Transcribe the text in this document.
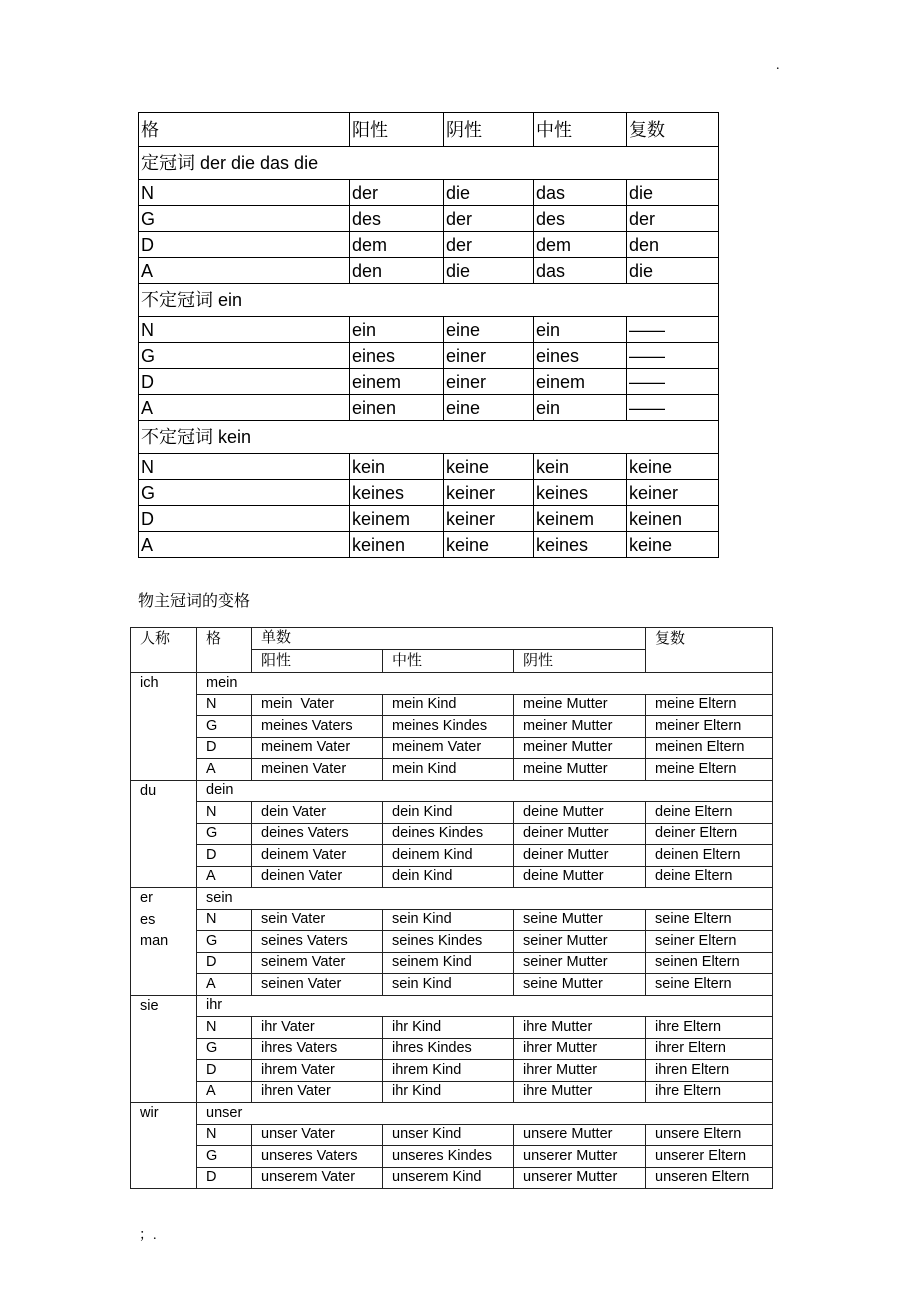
.
格	阳性	阴性	中性	复数
定冠词 der die das die				
N	der	die	das	die
G	des	der	des	der
D	dem	der	dem	den
A	den	die	das	die
不定冠词 ein				
N	ein	eine	ein	——
G	eines	einer	eines	——
D	einem	einer	einem	——
A	einen	eine	ein	——
不定冠词 kein				
N	kein	keine	kein	keine
G	keines	keiner	keines	keiner
D	keinem	keiner	keinem	keinen
A	keinen	keine	keines	keine
物主冠词的变格
人称	格	单数			复数
		阳性	中性	阴性	

ich	mein				
	N	mein  Vater	mein Kind	meine Mutter	meine Eltern
	G	meines Vaters	meines Kindes	meiner Mutter	meiner Eltern
	D	meinem Vater	meinem Vater	meiner Mutter	meinen Eltern
	A	meinen Vater	mein Kind	meine Mutter	meine Eltern

du	dein				
	N	dein Vater	dein Kind	deine Mutter	deine Eltern
	G	deines Vaters	deines Kindes	deiner Mutter	deiner Eltern
	D	deinem Vater	deinem Kind	deiner Mutter	deinen Eltern
	A	deinen Vater	dein Kind	deine Mutter	deine Eltern

er
es
man	sein				
	N	sein Vater	sein Kind	seine Mutter	seine Eltern
	G	seines Vaters	seines Kindes	seiner Mutter	seiner Eltern
	D	seinem Vater	seinem Kind	seiner Mutter	seinen Eltern
	A	seinen Vater	sein Kind	seine Mutter	seine Eltern

sie	ihr				
	N	ihr Vater	ihr Kind	ihre Mutter	ihre Eltern
	G	ihres Vaters	ihres Kindes	ihrer Mutter	ihrer Eltern
	D	ihrem Vater	ihrem Kind	ihrer Mutter	ihren Eltern
	A	ihren Vater	ihr Kind	ihre Mutter	ihre Eltern

wir	unser				
	N	unser Vater	unser Kind	unsere Mutter	unsere Eltern
	G	unseres Vaters	unseres Kindes	unserer Mutter	unserer Eltern
	D	unserem Vater	unserem Kind	unserer Mutter	unseren Eltern
；.
